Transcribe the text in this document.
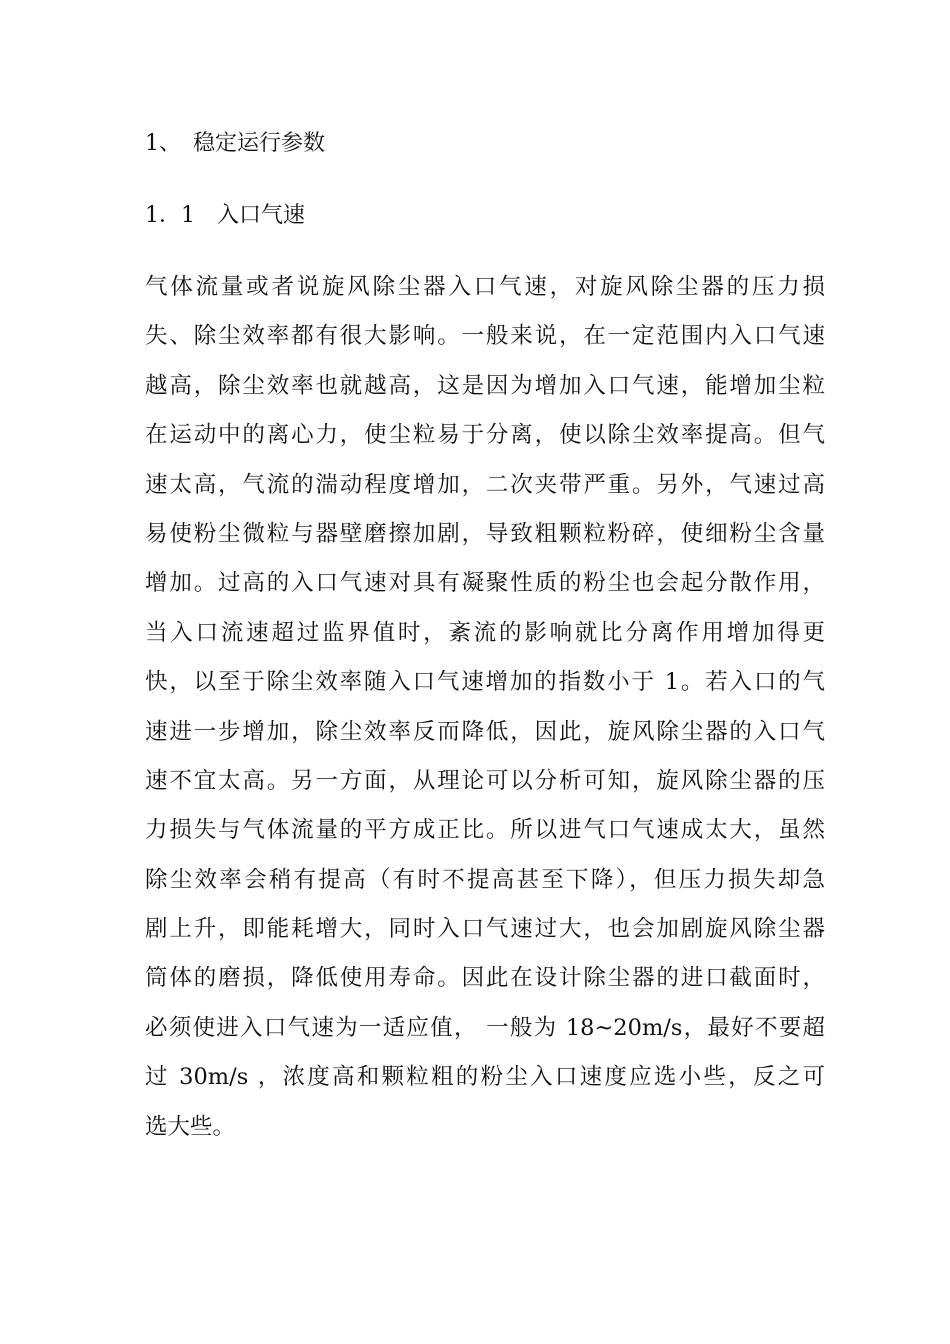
1、 稳定运行参数
1．1 入口气速
气体流量或者说旋风除尘器入口气速，对旋风除尘器的压力损
失、除尘效率都有很大影响。一般来说，在一定范围内入口气速
越高，除尘效率也就越高，这是因为增加入口气速，能增加尘粒
在运动中的离心力，使尘粒易于分离，使以除尘效率提高。但气
速太高，气流的湍动程度增加，二次夹带严重。另外，气速过高
易使粉尘微粒与器壁磨擦加剧，导致粗颗粒粉碎，使细粉尘含量
增加。过高的入口气速对具有凝聚性质的粉尘也会起分散作用，
当入口流速超过监界值时，紊流的影响就比分离作用增加得更
快，以至于除尘效率随入口气速增加的指数小于 1。若入口的气
速进一步增加，除尘效率反而降低，因此，旋风除尘器的入口气
速不宜太高。另一方面，从理论可以分析可知，旋风除尘器的压
力损失与气体流量的平方成正比。所以进气口气速成太大，虽然
除尘效率会稍有提高（有时不提高甚至下降），但压力损失却急
剧上升，即能耗增大，同时入口气速过大，也会加剧旋风除尘器
筒体的磨损，降低使用寿命。因此在设计除尘器的进口截面时，
必须使进入口气速为一适应值， 一般为 18~20m/s，最好不要超
过 30m/s ，浓度高和颗粒粗的粉尘入口速度应选小些，反之可
选大些。
